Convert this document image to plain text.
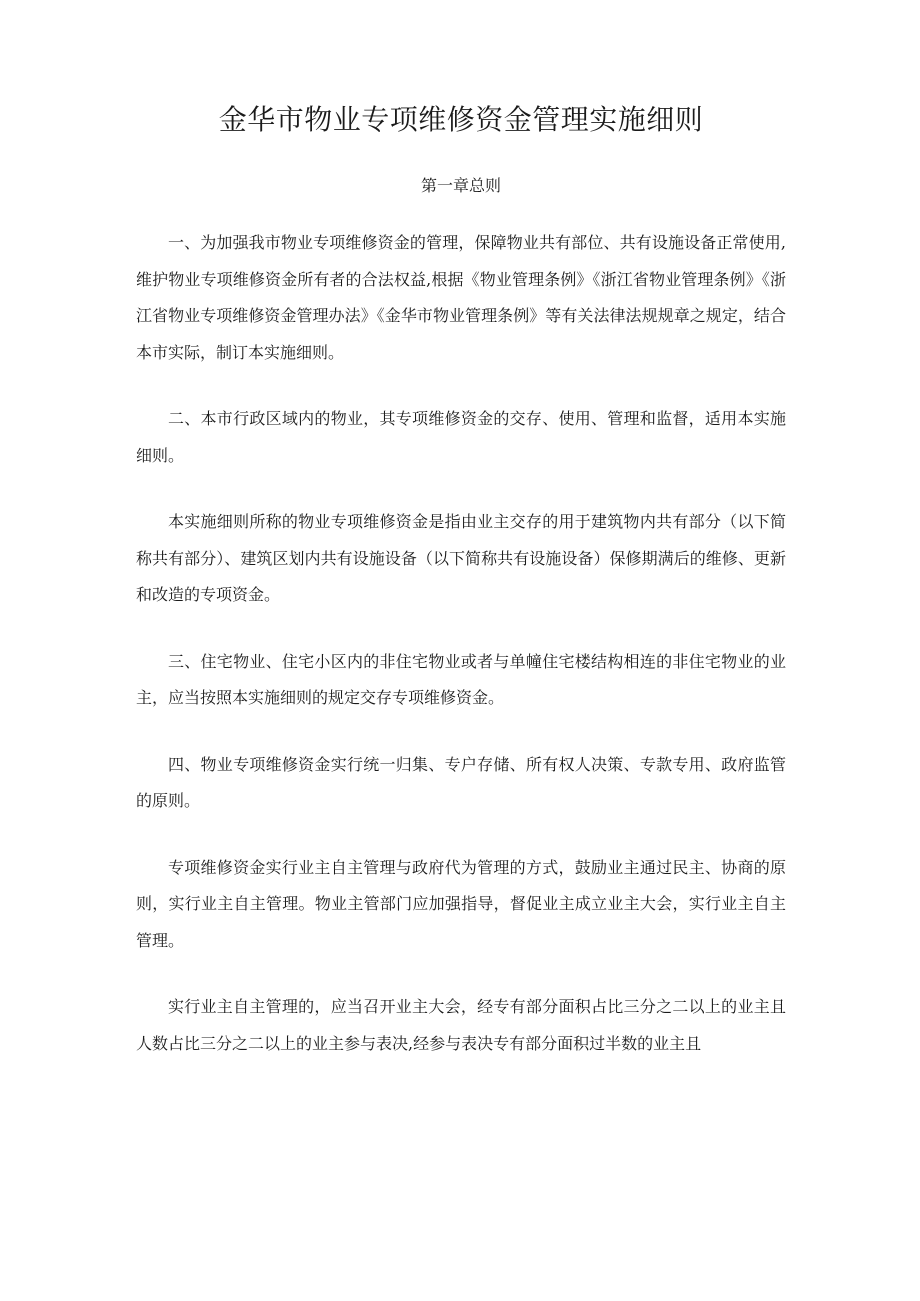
金华市物业专项维修资金管理实施细则
第一章总则

一、为加强我市物业专项维修资金的管理，保障物业共有部位、共有设施设备正常使用,维护物业专项维修资金所有者的合法权益,根据《物业管理条例》《浙江省物业管理条例》《浙江省物业专项维修资金管理办法》《金华市物业管理条例》等有关法律法规规章之规定，结合本市实际，制订本实施细则。

二、本市行政区域内的物业，其专项维修资金的交存、使用、管理和监督，适用本实施细则。

本实施细则所称的物业专项维修资金是指由业主交存的用于建筑物内共有部分（以下简称共有部分）、建筑区划内共有设施设备（以下简称共有设施设备）保修期满后的维修、更新和改造的专项资金。

三、住宅物业、住宅小区内的非住宅物业或者与单幢住宅楼结构相连的非住宅物业的业主，应当按照本实施细则的规定交存专项维修资金。

四、物业专项维修资金实行统一归集、专户存储、所有权人决策、专款专用、政府监管的原则。

专项维修资金实行业主自主管理与政府代为管理的方式，鼓励业主通过民主、协商的原则，实行业主自主管理。物业主管部门应加强指导，督促业主成立业主大会，实行业主自主管理。

实行业主自主管理的，应当召开业主大会，经专有部分面积占比三分之二以上的业主且人数占比三分之二以上的业主参与表决,经参与表决专有部分面积过半数的业主且
